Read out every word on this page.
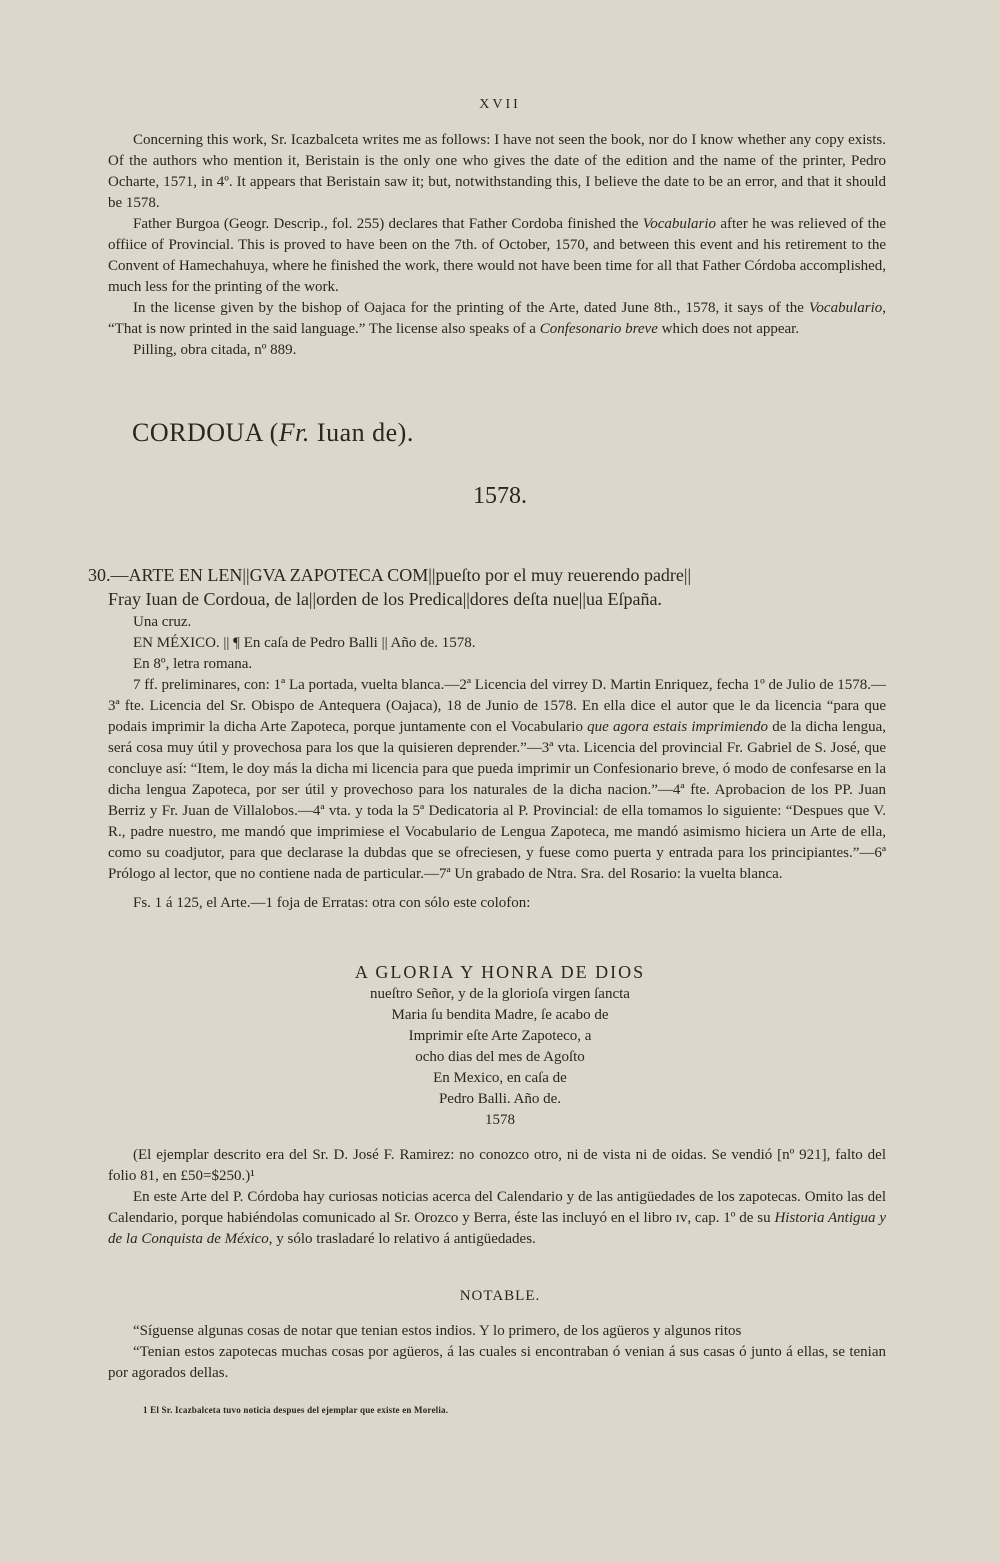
XVII

Concerning this work, Sr. Icazbalceta writes me as follows: I have not seen the book, nor do I know whether any copy exists. Of the authors who mention it, Beristain is the only one who gives the date of the edition and the name of the printer, Pedro Ocharte, 1571, in 4º. It appears that Beristain saw it; but, notwithstanding this, I believe the date to be an error, and that it should be 1578.

Father Burgoa (Geogr. Descrip., fol. 255) declares that Father Cordoba finished the Vocabulario after he was relieved of the offiice of Provincial. This is proved to have been on the 7th. of October, 1570, and between this event and his retirement to the Convent of Hamechahuya, where he finished the work, there would not have been time for all that Father Córdoba accomplished, much less for the printing of the work.

In the license given by the bishop of Oajaca for the printing of the Arte, dated June 8th., 1578, it says of the Vocabulario, “That is now printed in the said language.” The license also speaks of a Confesonario breve which does not appear.

Pilling, obra citada, nº 889.

CORDOUA (Fr. Iuan de).
1578.
30.—ARTE EN LEN||GVA ZAPOTECA COM||pueſto por el muy reuerendo padre||
Fray Iuan de Cordoua, de la||orden de los Predica||dores deſta nue||ua Eſpaña.

Una cruz.

EN MÉXICO. || ¶ En caſa de Pedro Balli || Año de. 1578.

En 8º, letra romana.

7 ff. preliminares, con: 1ª La portada, vuelta blanca.—2ª Licencia del virrey D. Martin Enriquez, fecha 1º de Julio de 1578.—3ª fte. Licencia del Sr. Obispo de Antequera (Oajaca), 18 de Junio de 1578. En ella dice el autor que le da licencia “para que podais imprimir la dicha Arte Zapoteca, porque juntamente con el Vocabulario que agora estais imprimiendo de la dicha lengua, será cosa muy útil y provechosa para los que la quisieren deprender.”—3ª vta. Licencia del provincial Fr. Gabriel de S. José, que concluye así: “Item, le doy más la dicha mi licencia para que pueda imprimir un Confesionario breve, ó modo de confesarse en la dicha lengua Zapoteca, por ser útil y provechoso para los naturales de la dicha nacion.”—4ª fte. Aprobacion de los PP. Juan Berriz y Fr. Juan de Villalobos.—4ª vta. y toda la 5ª Dedicatoria al P. Provincial: de ella tomamos lo siguiente: “Despues que V. R., padre nuestro, me mandó que imprimiese el Vocabulario de Lengua Zapoteca, me mandó asimismo hiciera un Arte de ella, como su coadjutor, para que declarase la dubdas que se ofreciesen, y fuese como puerta y entrada para los principiantes.”—6ª Prólogo al lector, que no contiene nada de particular.—7ª Un grabado de Ntra. Sra. del Rosario: la vuelta blanca.

Fs. 1 á 125, el Arte.—1 foja de Erratas: otra con sólo este colofon:

A GLORIA Y HONRA DE DIOS
nueſtro Señor, y de la glorioſa virgen ſancta
Maria ſu bendita Madre, ſe acabo de
Imprimir eſte Arte Zapoteco, a
ocho dias del mes de Agoſto
En Mexico, en caſa de
Pedro Balli. Año de.
1578

(El ejemplar descrito era del Sr. D. José F. Ramirez: no conozco otro, ni de vista ni de oidas. Se vendió [nº 921], falto del folio 81, en £50=$250.)¹

En este Arte del P. Córdoba hay curiosas noticias acerca del Calendario y de las antigüedades de los zapotecas. Omito las del Calendario, porque habiéndolas comunicado al Sr. Orozco y Berra, éste las incluyó en el libro ɪᴠ, cap. 1º de su Historia Antigua y de la Conquista de México, y sólo trasladaré lo relativo á antigüedades.

NOTABLE.

“Síguense algunas cosas de notar que tenian estos indios. Y lo primero, de los agüeros y algunos ritos

“Tenian estos zapotecas muchas cosas por agüeros, á las cuales si encontraban ó venian á sus casas ó junto á ellas, se tenian por agorados dellas.

1 El Sr. Icazbalceta tuvo noticia despues del ejemplar que existe en Morelia.
